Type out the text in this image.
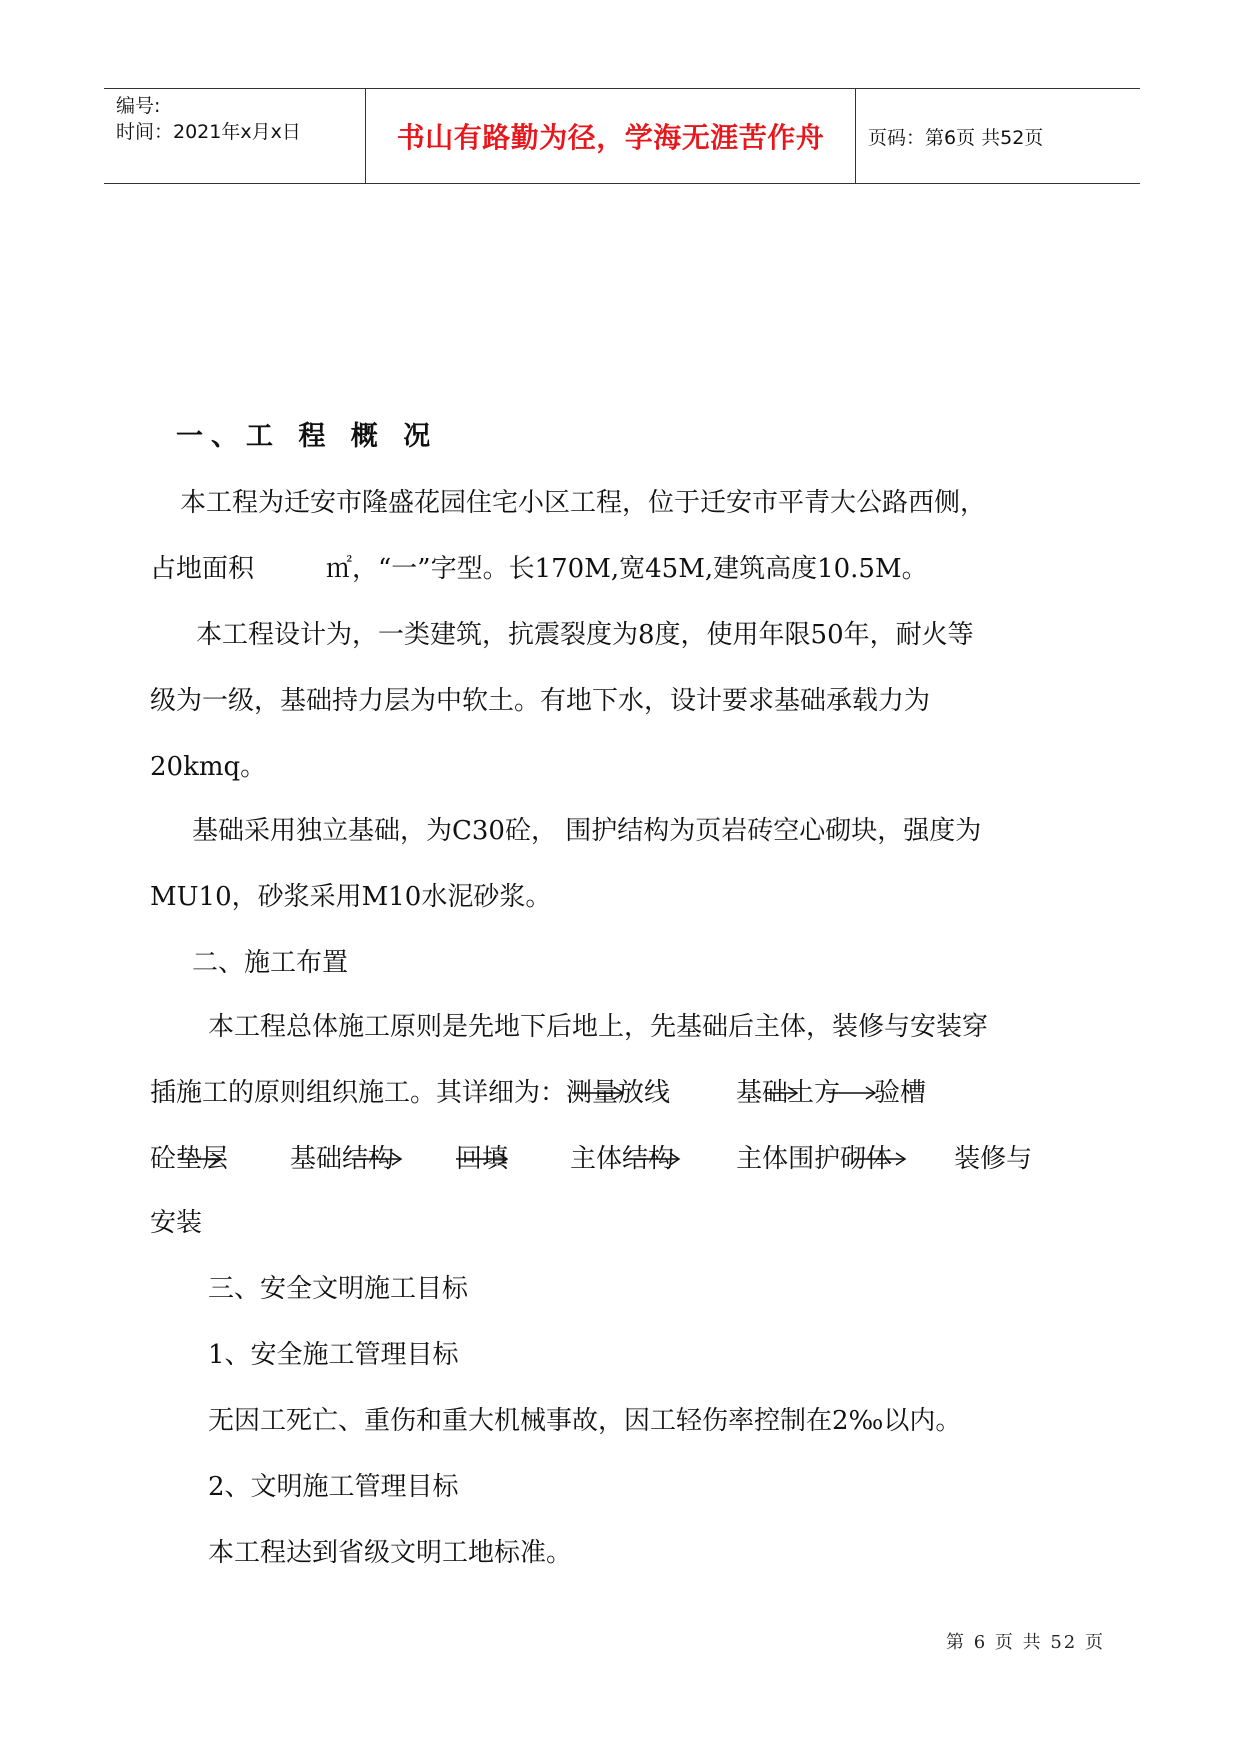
编号:
时间：2021年x月x日	书山有路勤为径，学海无涯苦作舟	页码：第6页 共52页
一、工 程 概 况
本工程为迁安市隆盛花园住宅小区工程，位于迁安市平青大公路西侧，
占地面积	㎡，“一”字型。长170M,宽45M,建筑高度10.5M。
本工程设计为，一类建筑，抗震裂度为8度，使用年限50年，耐火等
级为一级，基础持力层为中软土。有地下水，设计要求基础承载力为
20kmq。
基础采用独立基础，为C30砼， 围护结构为页岩砖空心砌块，强度为
MU10，砂浆采用M10水泥砂浆。
二、施工布置
本工程总体施工原则是先地下后地上，先基础后主体，装修与安装穿
插施工的原则组织施工。其详细为：测量放线	基础土方 验槽
砼垫层 基础结构 回填 主体结构 主体围护砌体 装修与
安装
三、安全文明施工目标
1、安全施工管理目标
无因工死亡、重伤和重大机械事故，因工轻伤率控制在2‰以内。
2、文明施工管理目标
本工程达到省级文明工地标准。
第 6 页 共 52 页
